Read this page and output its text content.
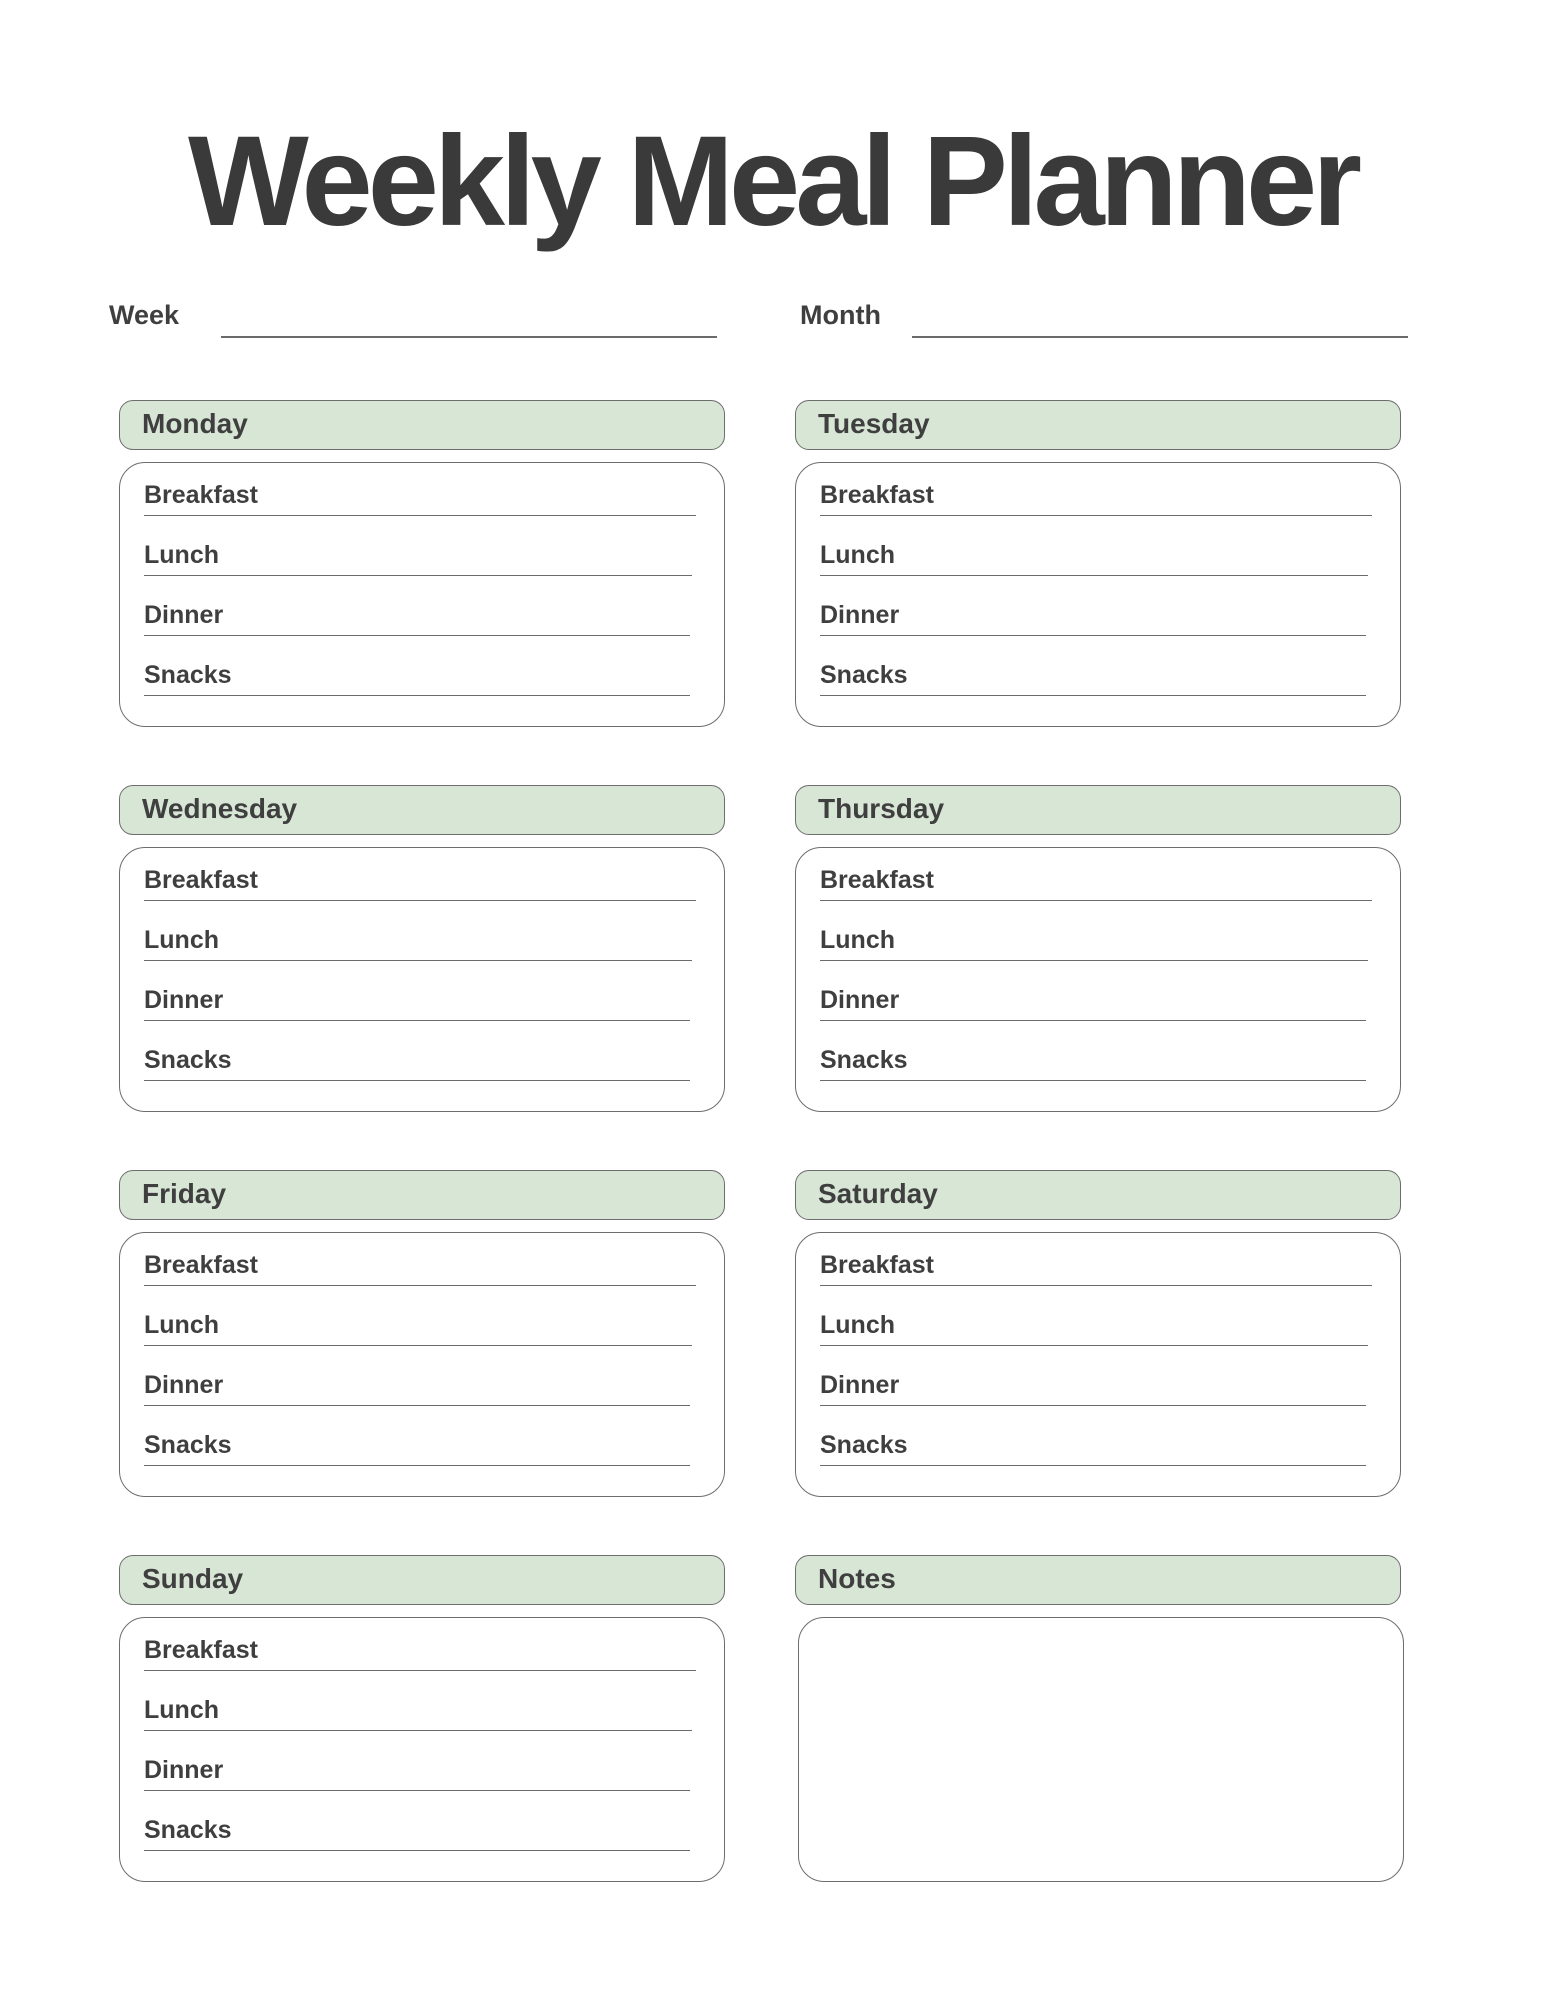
Weekly Meal Planner
Week	Month
Monday
Breakfast
Lunch
Dinner
Snacks
Tuesday
Breakfast
Lunch
Dinner
Snacks
Wednesday
Breakfast
Lunch
Dinner
Snacks
Thursday
Breakfast
Lunch
Dinner
Snacks
Friday
Breakfast
Lunch
Dinner
Snacks
Saturday
Breakfast
Lunch
Dinner
Snacks
Sunday
Breakfast
Lunch
Dinner
Snacks
Notes
